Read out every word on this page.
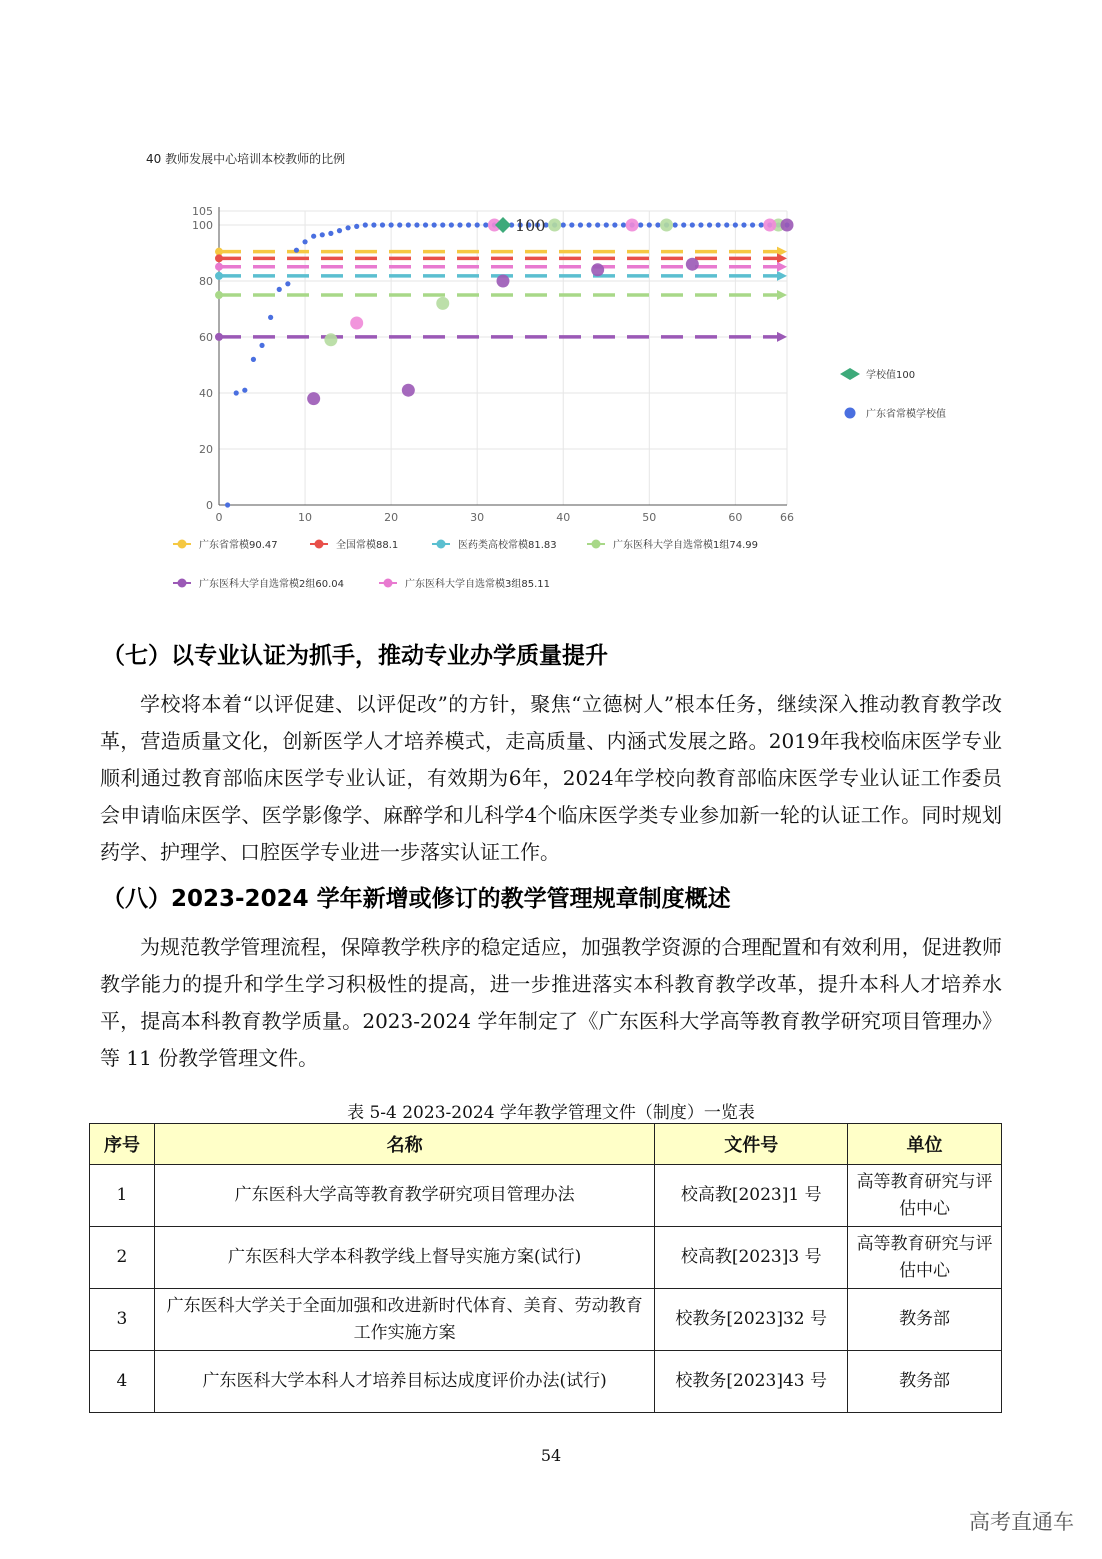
40 教师发展中心培训本校教师的比例
0	10	20	30	40	50	60	66
0
20
40
60
80
100
105
100
学校值100
广东省常模学校值
广东省常模90.47	全国常模88.1	医药类高校常模81.83	广东医科大学自选常模1组74.99
广东医科大学自选常模2组60.04	广东医科大学自选常模3组85.11
（七）以专业认证为抓手，推动专业办学质量提升

学校将本着“以评促建、以评促改”的方针，聚焦“立德树人”根本任务，继续深入推动教育教学改革，营造质量文化，创新医学人才培养模式，走高质量、内涵式发展之路。2019年我校临床医学专业顺利通过教育部临床医学专业认证，有效期为6年，2024年学校向教育部临床医学专业认证工作委员会申请临床医学、医学影像学、麻醉学和儿科学4个临床医学类专业参加新一轮的认证工作。同时规划药学、护理学、口腔医学专业进一步落实认证工作。

（八）2023-2024 学年新增或修订的教学管理规章制度概述

为规范教学管理流程，保障教学秩序的稳定适应，加强教学资源的合理配置和有效利用，促进教师教学能力的提升和学生学习积极性的提高，进一步推进落实本科教育教学改革，提升本科人才培养水平，提高本科教育教学质量。2023-2024 学年制定了《广东医科大学高等教育教学研究项目管理办》等 11 份教学管理文件。

表 5-4 2023-2024 学年教学管理文件（制度）一览表
序号	名称	文件号	单位
1	广东医科大学高等教育教学研究项目管理办法	校高教[2023]1 号	高等教育研究与评估中心
2	广东医科大学本科教学线上督导实施方案(试行)	校高教[2023]3 号	高等教育研究与评估中心
3	广东医科大学关于全面加强和改进新时代体育、美育、劳动教育工作实施方案	校教务[2023]32 号	教务部
4	广东医科大学本科人才培养目标达成度评价办法(试行)	校教务[2023]43 号	教务部
54
高考直通车
